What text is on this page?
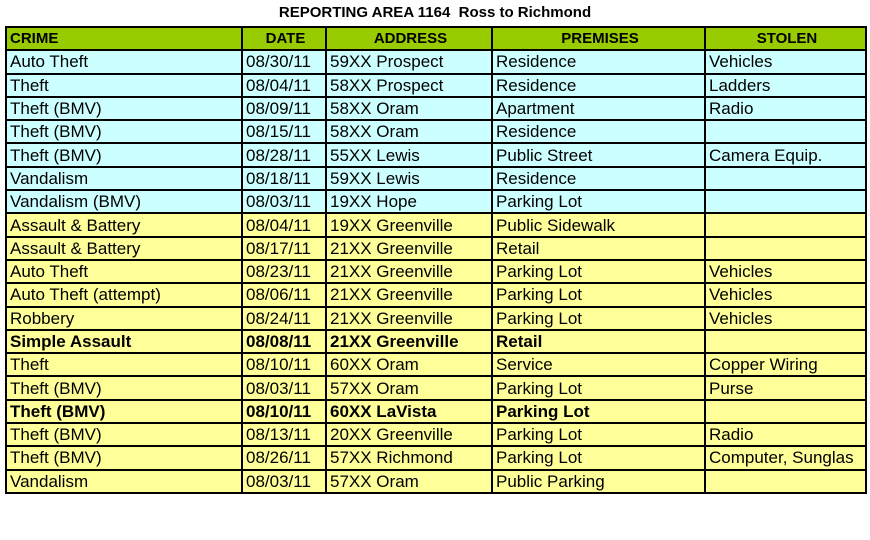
REPORTING AREA 1164  Ross to Richmond
CRIME	DATE	ADDRESS	PREMISES	STOLEN
Auto Theft	08/30/11	59XX Prospect	Residence	Vehicles
Theft	08/04/11	58XX Prospect	Residence	Ladders
Theft (BMV)	08/09/11	58XX Oram	Apartment	Radio
Theft (BMV)	08/15/11	58XX Oram	Residence	
Theft (BMV)	08/28/11	55XX Lewis	Public Street	Camera Equip.
Vandalism	08/18/11	59XX Lewis	Residence	
Vandalism (BMV)	08/03/11	19XX Hope	Parking Lot	
Assault & Battery	08/04/11	19XX Greenville	Public Sidewalk	
Assault & Battery	08/17/11	21XX Greenville	Retail	
Auto Theft	08/23/11	21XX Greenville	Parking Lot	Vehicles
Auto Theft (attempt)	08/06/11	21XX Greenville	Parking Lot	Vehicles
Robbery	08/24/11	21XX Greenville	Parking Lot	Vehicles
Simple Assault	08/08/11	21XX Greenville	Retail	
Theft	08/10/11	60XX Oram	Service	Copper Wiring
Theft (BMV)	08/03/11	57XX Oram	Parking Lot	Purse
Theft (BMV)	08/10/11	60XX LaVista	Parking Lot	
Theft (BMV)	08/13/11	20XX Greenville	Parking Lot	Radio
Theft (BMV)	08/26/11	57XX Richmond	Parking Lot	Computer, Sunglas
Vandalism	08/03/11	57XX Oram	Public Parking	
